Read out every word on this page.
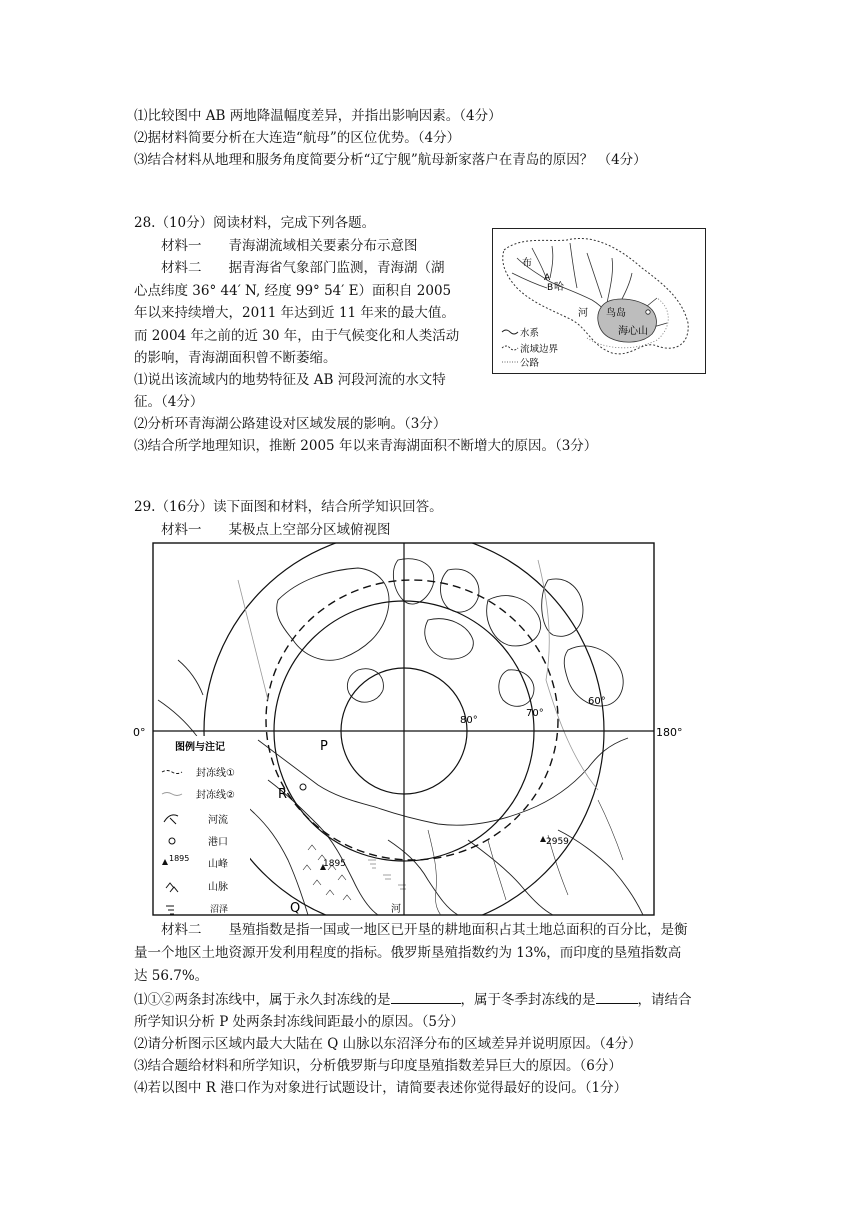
⑴比较图中 AB 两地降温幅度差异，并指出影响因素。（4分）
⑵据材料简要分析在大连造“航母”的区位优势。（4分）
⑶结合材料从地理和服务角度简要分析“辽宁舰”航母新家落户在青岛的原因？ （4分）
28.（10分）阅读材料，完成下列各题。
材料一　　青海湖流域相关要素分布示意图
材料二　　据青海省气象部门监测，青海湖（湖
心点纬度 36° 44′ N, 经度 99° 54′ E）面积自 2005
年以来持续增大，2011 年达到近 11 年来的最大值。
而 2004 年之前的近 30 年，由于气候变化和人类活动
的影响，青海湖面积曾不断萎缩。
⑴说出该流域内的地势特征及 AB 河段河流的水文特
征。（4分）
⑵分析环青海湖公路建设对区域发展的影响。（3分）
⑶结合所学地理知识，推断 2005 年以来青海湖面积不断增大的原因。（3分）
布
A
B 哈
河 鸟岛
海心山
水系
流域边界
公路
29.（16分）读下面图和材料，结合所学知识回答。
材料一　　某极点上空部分区域俯视图
0°	180°
80°
70°
60°
P
R
Q
1895
2959
河
图例与注记
封冻线①
封冻线②
河流
港口
1895
山峰
山脉
沼泽
材料二　　垦殖指数是指一国或一地区已开垦的耕地面积占其土地总面积的百分比，是衡
量一个地区土地资源开发利用程度的指标。俄罗斯垦殖指数约为 13%，而印度的垦殖指数高
达 56.7%。
⑴①②两条封冻线中，属于永久封冻线的是	，属于冬季封冻线的是	，请结合
所学知识分析 P 处两条封冻线间距最小的原因。（5分）
⑵请分析图示区域内最大大陆在 Q 山脉以东沼泽分布的区域差异并说明原因。（4分）
⑶结合题给材料和所学知识，分析俄罗斯与印度垦殖指数差异巨大的原因。（6分）
⑷若以图中 R 港口作为对象进行试题设计，请简要表述你觉得最好的设问。（1分）
